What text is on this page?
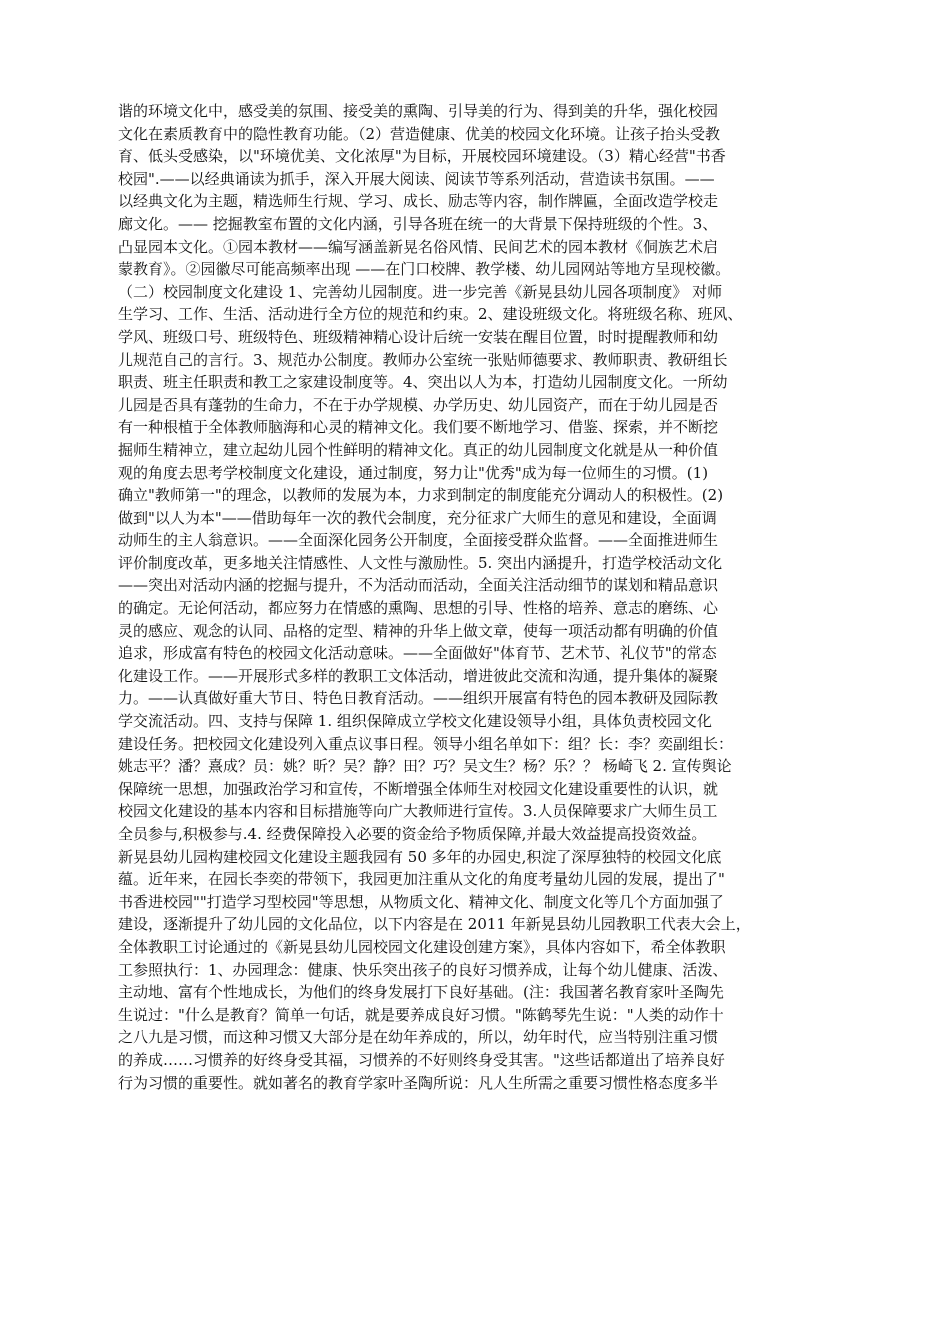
谐的环境文化中，感受美的氛围、接受美的熏陶、引导美的行为、得到美的升华，强化校园
文化在素质教育中的隐性教育功能。（2）营造健康、优美的校园文化环境。让孩子抬头受教
育、低头受感染，以"环境优美、文化浓厚"为目标，开展校园环境建设。（3）精心经营"书香
校园".——以经典诵读为抓手，深入开展大阅读、阅读节等系列活动，营造读书氛围。——
以经典文化为主题，精选师生行规、学习、成长、励志等内容，制作牌匾，全面改造学校走
廊文化。—— 挖掘教室布置的文化内涵，引导各班在统一的大背景下保持班级的个性。3、
凸显园本文化。①园本教材——编写涵盖新晃名俗风情、民间艺术的园本教材《侗族艺术启
蒙教育》。②园徽尽可能高频率出现 ——在门口校牌、教学楼、幼儿园网站等地方呈现校徽。
（二）校园制度文化建设 1、完善幼儿园制度。进一步完善《新晃县幼儿园各项制度》 对师
生学习、工作、生活、活动进行全方位的规范和约束。2、建设班级文化。将班级名称、班风、
学风、班级口号、班级特色、班级精神精心设计后统一安装在醒目位置，时时提醒教师和幼
儿规范自己的言行。3、规范办公制度。教师办公室统一张贴师德要求、教师职责、教研组长
职责、班主任职责和教工之家建设制度等。4、突出以人为本，打造幼儿园制度文化。一所幼
儿园是否具有蓬勃的生命力，不在于办学规模、办学历史、幼儿园资产，而在于幼儿园是否
有一种根植于全体教师脑海和心灵的精神文化。我们要不断地学习、借鉴、探索，并不断挖
掘师生精神立，建立起幼儿园个性鲜明的精神文化。真正的幼儿园制度文化就是从一种价值
观的角度去思考学校制度文化建设，通过制度，努力让"优秀"成为每一位师生的习惯。(1)
确立"教师第一"的理念，以教师的发展为本，力求到制定的制度能充分调动人的积极性。(2)
做到"以人为本"——借助每年一次的教代会制度，充分征求广大师生的意见和建设，全面调
动师生的主人翁意识。——全面深化园务公开制度，全面接受群众监督。——全面推进师生
评价制度改革，更多地关注情感性、人文性与激励性。5. 突出内涵提升，打造学校活动文化
——突出对活动内涵的挖掘与提升，不为活动而活动，全面关注活动细节的谋划和精品意识
的确定。无论何活动，都应努力在情感的熏陶、思想的引导、性格的培养、意志的磨练、心
灵的感应、观念的认同、品格的定型、精神的升华上做文章，使每一项活动都有明确的价值
追求，形成富有特色的校园文化活动意味。——全面做好"体育节、艺术节、礼仪节"的常态
化建设工作。——开展形式多样的教职工文体活动，增进彼此交流和沟通，提升集体的凝聚
力。——认真做好重大节日、特色日教育活动。——组织开展富有特色的园本教研及园际教
学交流活动。四、支持与保障 1. 组织保障成立学校文化建设领导小组，具体负责校园文化
建设任务。把校园文化建设列入重点议事日程。领导小组名单如下：组？长：李？奕副组长：
姚志平？潘？熹成？员：姚？昕？吴？静？田？巧？吴文生？杨？乐？？ 杨崎飞 2. 宣传舆论
保障统一思想，加强政治学习和宣传，不断增强全体师生对校园文化建设重要性的认识，就
校园文化建设的基本内容和目标措施等向广大教师进行宣传。3.人员保障要求广大师生员工
全员参与,积极参与.4. 经费保障投入必要的资金给予物质保障,并最大效益提高投资效益。
新晃县幼儿园构建校园文化建设主题我园有 50 多年的办园史,积淀了深厚独特的校园文化底
蕴。近年来，在园长李奕的带领下，我园更加注重从文化的角度考量幼儿园的发展，提出了"
书香进校园""打造学习型校园"等思想，从物质文化、精神文化、制度文化等几个方面加强了
建设，逐渐提升了幼儿园的文化品位，以下内容是在 2011 年新晃县幼儿园教职工代表大会上，
全体教职工讨论通过的《新晃县幼儿园校园文化建设创建方案》，具体内容如下，希全体教职
工参照执行：1、办园理念：健康、快乐突出孩子的良好习惯养成，让每个幼儿健康、活泼、
主动地、富有个性地成长，为他们的终身发展打下良好基础。(注：我国著名教育家叶圣陶先
生说过："什么是教育？简单一句话，就是要养成良好习惯。"陈鹤琴先生说："人类的动作十
之八九是习惯，而这种习惯又大部分是在幼年养成的，所以，幼年时代，应当特别注重习惯
的养成……习惯养的好终身受其福，习惯养的不好则终身受其害。"这些话都道出了培养良好
行为习惯的重要性。就如著名的教育学家叶圣陶所说：凡人生所需之重要习惯性格态度多半
